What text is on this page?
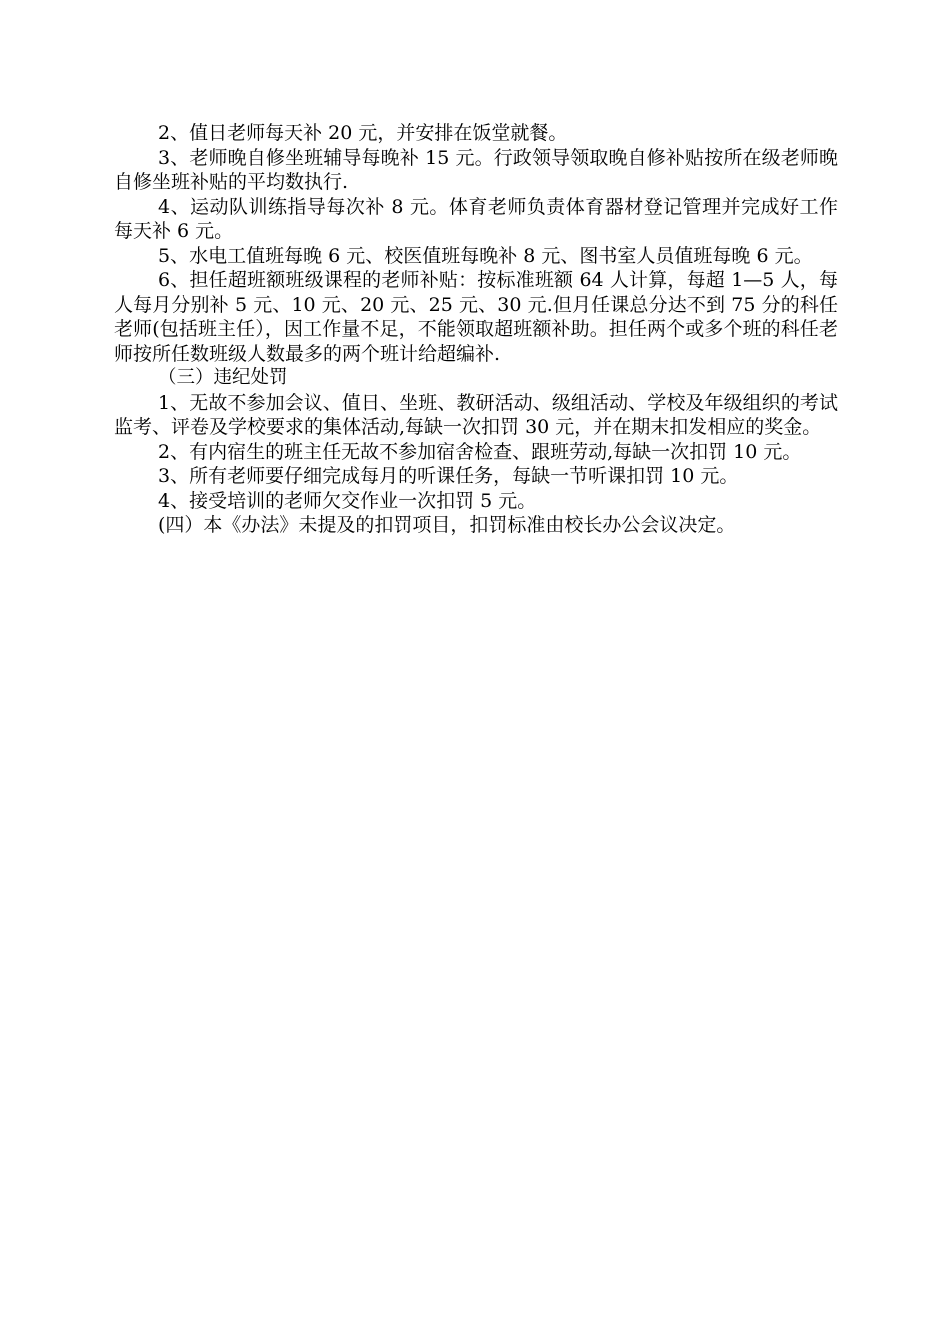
2、值日老师每天补 20 元，并安排在饭堂就餐。

3、老师晚自修坐班辅导每晚补 15 元。行政领导领取晚自修补贴按所在级老师晚自修坐班补贴的平均数执行.

4、运动队训练指导每次补 8 元。体育老师负责体育器材登记管理并完成好工作每天补 6 元。

5、水电工值班每晚 6 元、校医值班每晚补 8 元、图书室人员值班每晚 6 元。

6、担任超班额班级课程的老师补贴：按标准班额 64 人计算，每超 1—5 人，每人每月分别补 5 元、10 元、20 元、25 元、30 元.但月任课总分达不到 75 分的科任老师(包括班主任），因工作量不足，不能领取超班额补助。担任两个或多个班的科任老师按所任数班级人数最多的两个班计给超编补.

（三）违纪处罚

1、无故不参加会议、值日、坐班、教研活动、级组活动、学校及年级组织的考试监考、评卷及学校要求的集体活动,每缺一次扣罚 30 元，并在期末扣发相应的奖金。

2、有内宿生的班主任无故不参加宿舍检查、跟班劳动,每缺一次扣罚 10 元。

3、所有老师要仔细完成每月的听课任务，每缺一节听课扣罚 10 元。

4、接受培训的老师欠交作业一次扣罚 5 元。

(四）本《办法》未提及的扣罚项目，扣罚标准由校长办公会议决定。
